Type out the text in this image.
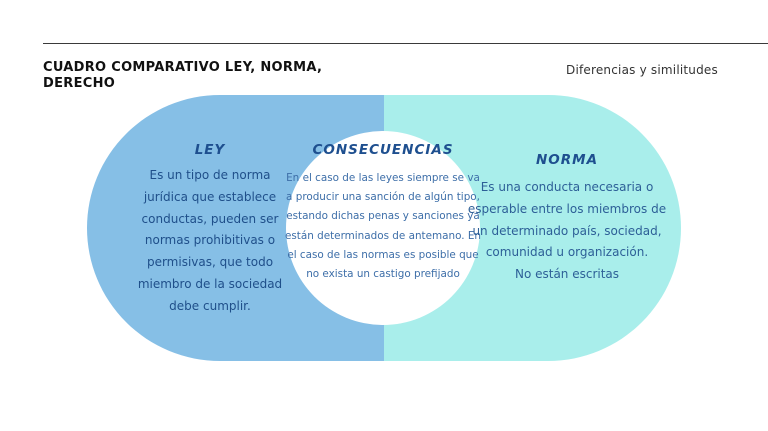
CUADRO COMPARATIVO LEY, NORMA, DERECHO
Diferencias y similitudes
LEY
Es un tipo de norma jurídica que establece conductas, pueden ser normas prohibitivas o permisivas, que todo miembro de la sociedad debe cumplir.
CONSECUENCIAS
En el caso de las leyes siempre se va a producir una sanción de algún tipo, estando dichas penas y sanciones ya están determinados de antemano. En el caso de las normas es posible que no exista un castigo prefijado
NORMA
Es una conducta necesaria o esperable entre los miembros de un determinado país, sociedad, comunidad u organización.
No están escritas
